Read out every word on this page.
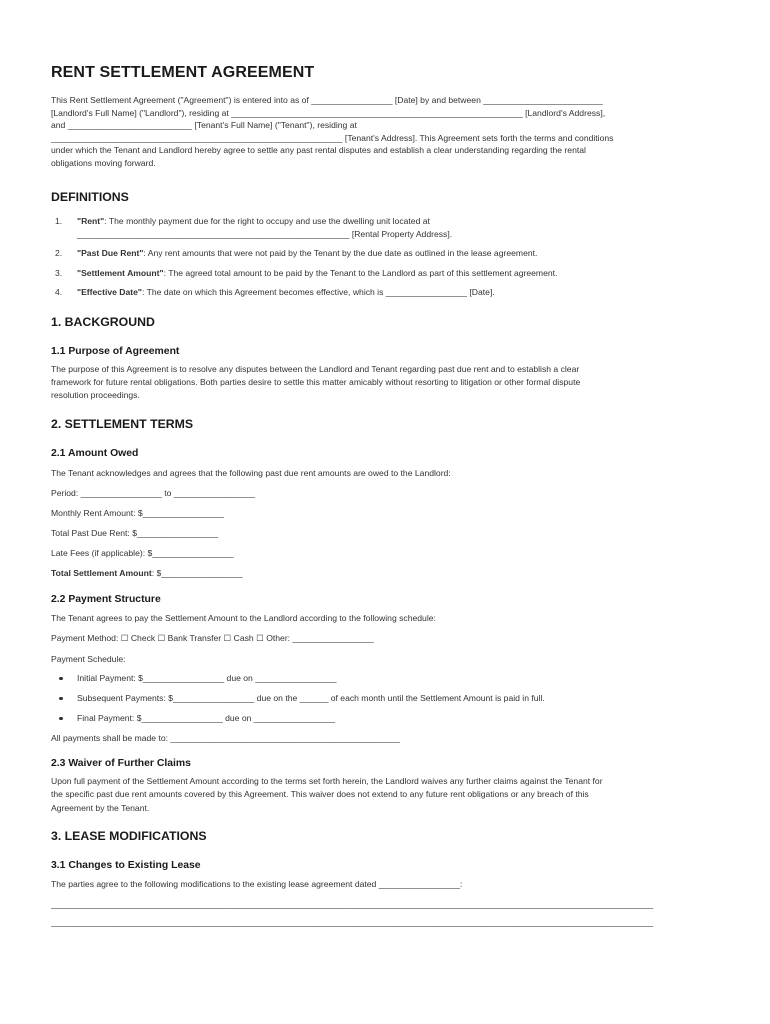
RENT SETTLEMENT AGREEMENT
This Rent Settlement Agreement ("Agreement") is entered into as of _________________ [Date] by and between _________________________
[Landlord's Full Name] ("Landlord"), residing at _____________________________________________________________ [Landlord's Address],
and __________________________ [Tenant's Full Name] ("Tenant"), residing at
_____________________________________________________________ [Tenant's Address]. This Agreement sets forth the terms and conditions
under which the Tenant and Landlord hereby agree to settle any past rental disputes and establish a clear understanding regarding the rental
obligations moving forward.
DEFINITIONS
1. "Rent": The monthly payment due for the right to occupy and use the dwelling unit located at
_________________________________________________________ [Rental Property Address].
2. "Past Due Rent": Any rent amounts that were not paid by the Tenant by the due date as outlined in the lease agreement.
3. "Settlement Amount": The agreed total amount to be paid by the Tenant to the Landlord as part of this settlement agreement.
4. "Effective Date": The date on which this Agreement becomes effective, which is _________________ [Date].
1. BACKGROUND
1.1 Purpose of Agreement
The purpose of this Agreement is to resolve any disputes between the Landlord and Tenant regarding past due rent and to establish a clear
framework for future rental obligations. Both parties desire to settle this matter amicably without resorting to litigation or other formal dispute
resolution proceedings.
2. SETTLEMENT TERMS
2.1 Amount Owed

The Tenant acknowledges and agrees that the following past due rent amounts are owed to the Landlord:

Period: _________________ to _________________

Monthly Rent Amount: $_________________

Total Past Due Rent: $_________________

Late Fees (if applicable): $_________________

Total Settlement Amount: $_________________

2.2 Payment Structure

The Tenant agrees to pay the Settlement Amount to the Landlord according to the following schedule:

Payment Method: ☐ Check ☐ Bank Transfer ☐ Cash ☐ Other: _________________

Payment Schedule:

Initial Payment: $_________________ due on _________________
Subsequent Payments: $_________________ due on the ______ of each month until the Settlement Amount is paid in full.
Final Payment: $_________________ due on _________________

All payments shall be made to: ________________________________________________

2.3 Waiver of Further Claims
Upon full payment of the Settlement Amount according to the terms set forth herein, the Landlord waives any further claims against the Tenant for
the specific past due rent amounts covered by this Agreement. This waiver does not extend to any future rent obligations or any breach of this
Agreement by the Tenant.
3. LEASE MODIFICATIONS
3.1 Changes to Existing Lease

The parties agree to the following modifications to the existing lease agreement dated _________________:

______________________________________________________________________________________________________________________________
______________________________________________________________________________________________________________________________
